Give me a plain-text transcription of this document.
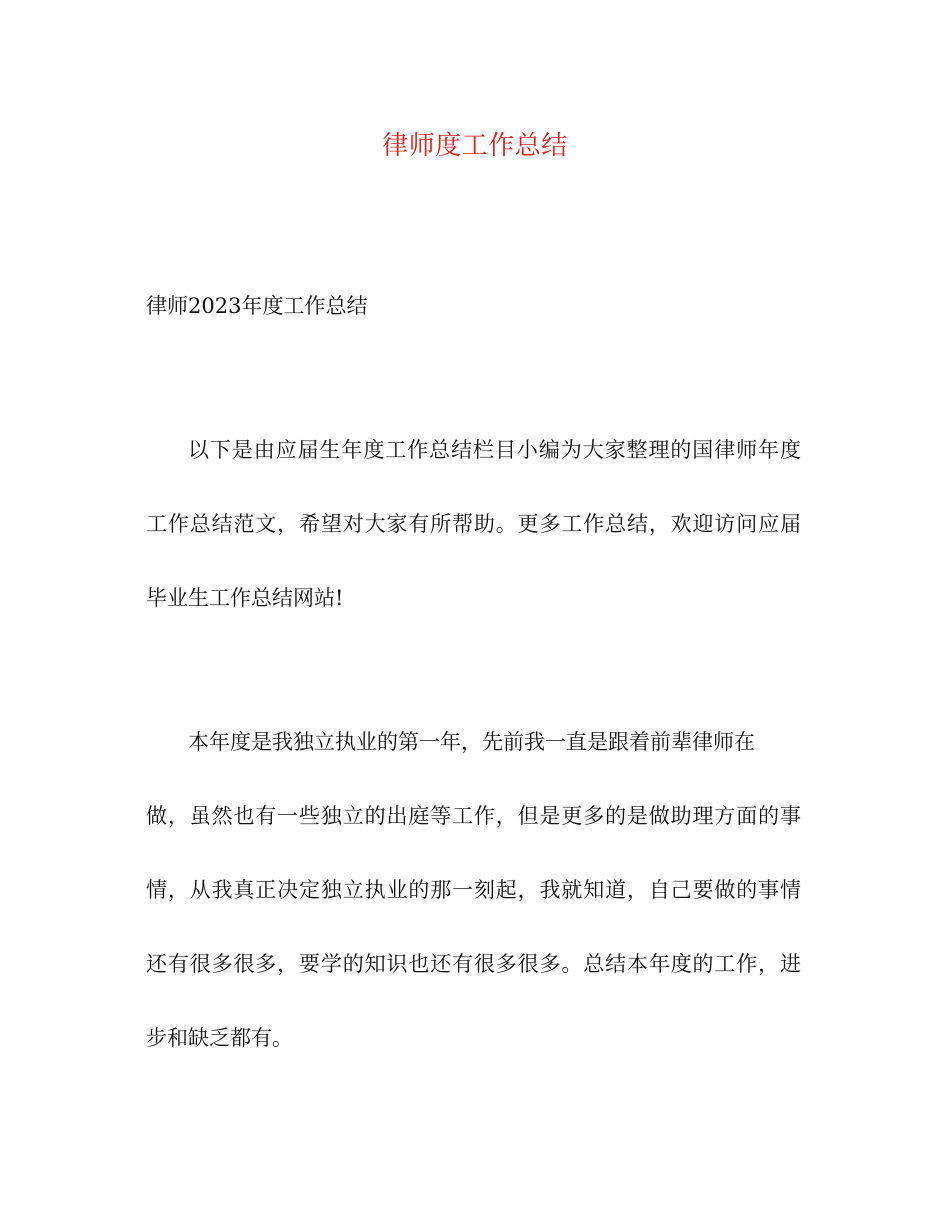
律师度工作总结
律师2023年度工作总结
以下是由应届生年度工作总结栏目小编为大家整理的国律师年度
工作总结范文，希望对大家有所帮助。更多工作总结，欢迎访问应届
毕业生工作总结网站!
本年度是我独立执业的第一年，先前我一直是跟着前辈律师在
做，虽然也有一些独立的出庭等工作，但是更多的是做助理方面的事
情，从我真正决定独立执业的那一刻起，我就知道，自己要做的事情
还有很多很多，要学的知识也还有很多很多。总结本年度的工作，进
步和缺乏都有。
